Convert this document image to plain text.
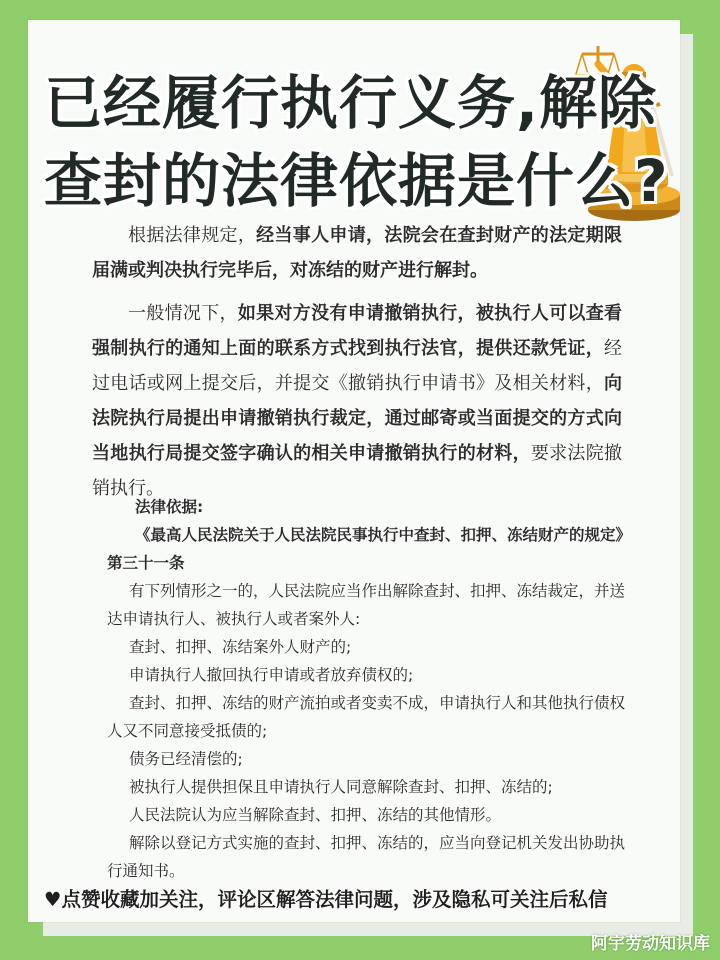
已经履行执行义务,解除
查封的法律依据是什么?

根据法律规定，经当事人申请，法院会在查封财产的法定期限届满或判决执行完毕后，对冻结的财产进行解封。

一般情况下，如果对方没有申请撤销执行，被执行人可以查看强制执行的通知上面的联系方式找到执行法官，提供还款凭证，经过电话或网上提交后，并提交《撤销执行申请书》及相关材料，向法院执行局提出申请撤销执行裁定，通过邮寄或当面提交的方式向当地执行局提交签字确认的相关申请撤销执行的材料，要求法院撤销执行。

法律依据:

《最高人民法院关于人民法院民事执行中查封、扣押、冻结财产的规定》第三十一条

有下列情形之一的，人民法院应当作出解除查封、扣押、冻结裁定，并送达申请执行人、被执行人或者案外人:

查封、扣押、冻结案外人财产的;

申请执行人撤回执行申请或者放弃债权的;

查封、扣押、冻结的财产流拍或者变卖不成，申请执行人和其他执行债权人又不同意接受抵债的;

债务已经清偿的;

被执行人提供担保且申请执行人同意解除查封、扣押、冻结的;

人民法院认为应当解除查封、扣押、冻结的其他情形。

解除以登记方式实施的查封、扣押、冻结的，应当向登记机关发出协助执行通知书。

♥点赞收藏加关注，评论区解答法律问题，涉及隐私可关注后私信
阿宇劳动知识库
